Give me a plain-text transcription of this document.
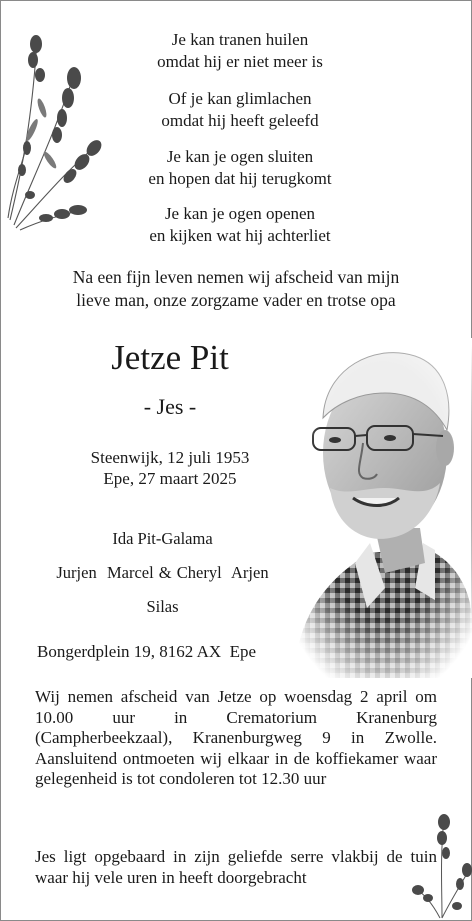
Je kan tranen huilen
omdat hij er niet meer is
Of je kan glimlachen
omdat hij heeft geleefd
Je kan je ogen sluiten
en hopen dat hij terugkomt
Je kan je ogen openen
en kijken wat hij achterliet
Na een fijn leven nemen wij afscheid van mijn
lieve man, onze zorgzame vader en trotse opa
Jetze Pit
- Jes -
Steenwijk, 12 juli 1953
Epe, 27 maart 2025
Ida Pit-Galama
Jurjen  Marcel & Cheryl  Arjen
Silas
Bongerdplein 19, 8162 AX  Epe
Wij nemen afscheid van Jetze op woensdag 2 april om 10.00 uur in Crematorium Kranenburg (Campherbeekzaal), Kranenburgweg 9 in Zwolle. Aansluitend ontmoeten wij elkaar in de koffiekamer waar gelegenheid is tot condoleren tot 12.30 uur
Jes ligt opgebaard in zijn geliefde serre vlakbij de tuin waar hij vele uren in heeft doorgebracht
